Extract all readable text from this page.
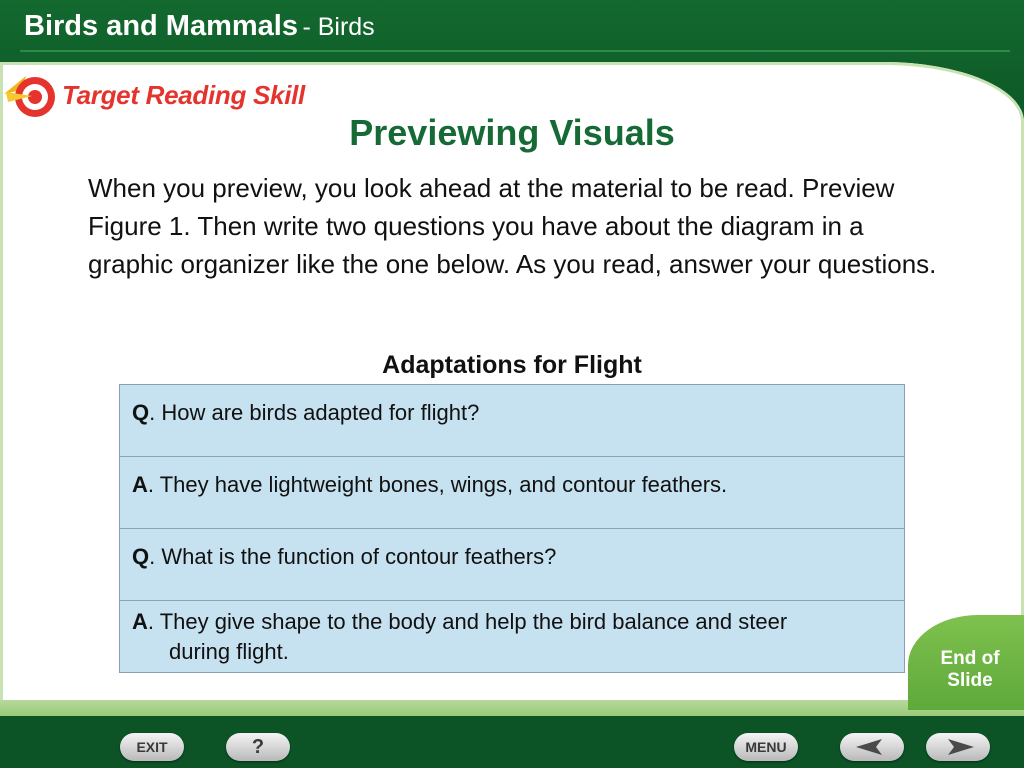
Birds and Mammals - Birds
Target Reading Skill
Previewing Visuals

When you preview, you look ahead at the material to be read. Preview Figure 1. Then write two questions you have about the diagram in a graphic organizer like the one below. As you read, answer your questions.

Adaptations for Flight
Q. How are birds adapted for flight?
A. They have lightweight bones, wings, and contour feathers.
Q. What is the function of contour feathers?
A. They give shape to the body and help the bird balance and steer
during flight.	End of
Slide
EXIT	?	MENU
